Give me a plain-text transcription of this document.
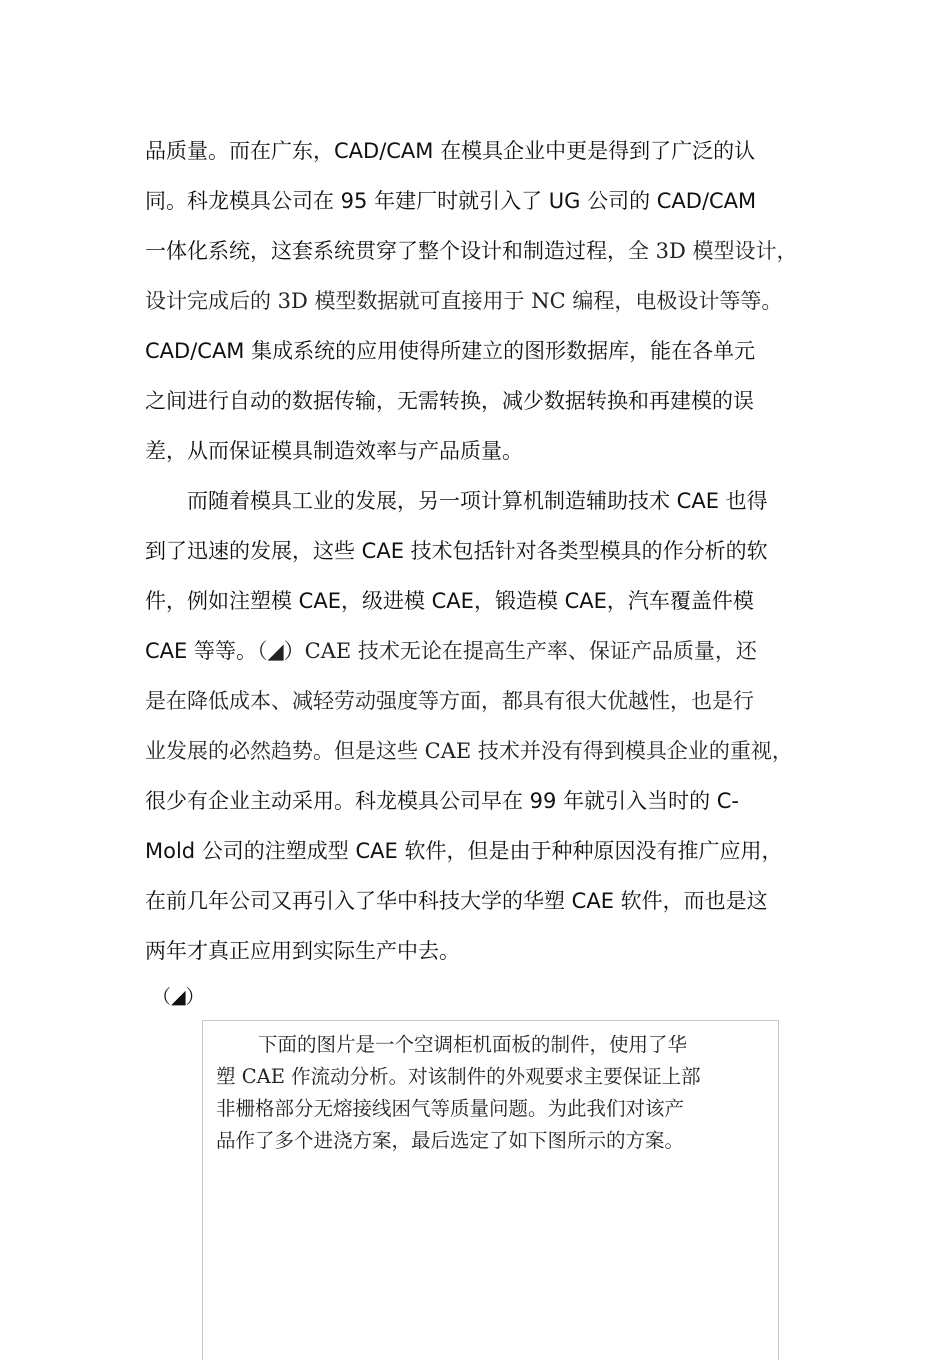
品质量。而在广东，CAD/CAM 在模具企业中更是得到了广泛的认
同。科龙模具公司在 95 年建厂时就引入了 UG 公司的 CAD/CAM
一体化系统，这套系统贯穿了整个设计和制造过程，全 3D 模型设计，
设计完成后的 3D 模型数据就可直接用于 NC 编程，电极设计等等。
CAD/CAM 集成系统的应用使得所建立的图形数据库，能在各单元
之间进行自动的数据传输，无需转换，减少数据转换和再建模的误
差，从而保证模具制造效率与产品质量。
而随着模具工业的发展，另一项计算机制造辅助技术 CAE 也得
到了迅速的发展，这些 CAE 技术包括针对各类型模具的作分析的软
件，例如注塑模 CAE，级进模 CAE，锻造模 CAE，汽车覆盖件模
CAE 等等。（◢）CAE 技术无论在提高生产率、保证产品质量，还
是在降低成本、减轻劳动强度等方面，都具有很大优越性，也是行
业发展的必然趋势。但是这些 CAE 技术并没有得到模具企业的重视，
很少有企业主动采用。科龙模具公司早在 99 年就引入当时的 C-
Mold 公司的注塑成型 CAE 软件，但是由于种种原因没有推广应用，
在前几年公司又再引入了华中科技大学的华塑 CAE 软件，而也是这
两年才真正应用到实际生产中去。
（◢）
下面的图片是一个空调柜机面板的制件，使用了华
塑 CAE 作流动分析。对该制件的外观要求主要保证上部
非栅格部分无熔接线困气等质量问题。为此我们对该产
品作了多个进浇方案，最后选定了如下图所示的方案。
